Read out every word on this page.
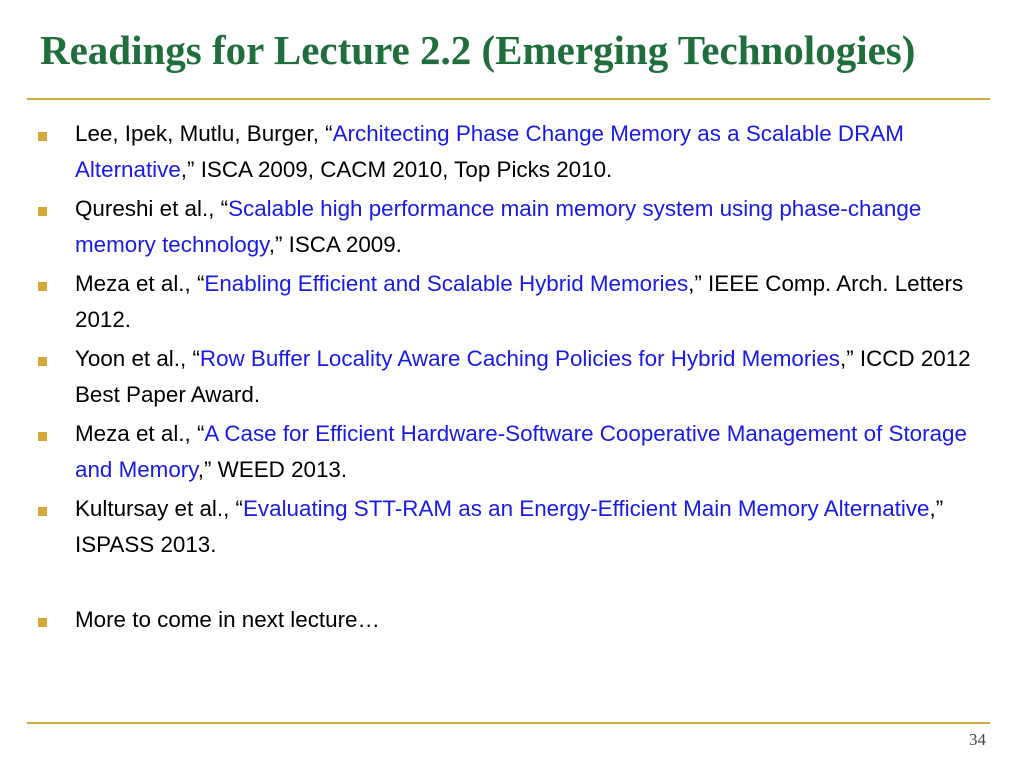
Readings for Lecture 2.2 (Emerging Technologies)
Lee, Ipek, Mutlu, Burger, “Architecting Phase Change Memory as a Scalable DRAM Alternative,” ISCA 2009, CACM 2010, Top Picks 2010.
Qureshi et al., “Scalable high performance main memory system using phase-change memory technology,” ISCA 2009.
Meza et al., “Enabling Efficient and Scalable Hybrid Memories,” IEEE Comp. Arch. Letters 2012.
Yoon et al., “Row Buffer Locality Aware Caching Policies for Hybrid Memories,” ICCD 2012 Best Paper Award.
Meza et al., “A Case for Efficient Hardware-Software Cooperative Management of Storage and Memory,” WEED 2013.
Kultursay et al., “Evaluating STT-RAM as an Energy-Efficient Main Memory Alternative,” ISPASS 2013.
More to come in next lecture…
34
